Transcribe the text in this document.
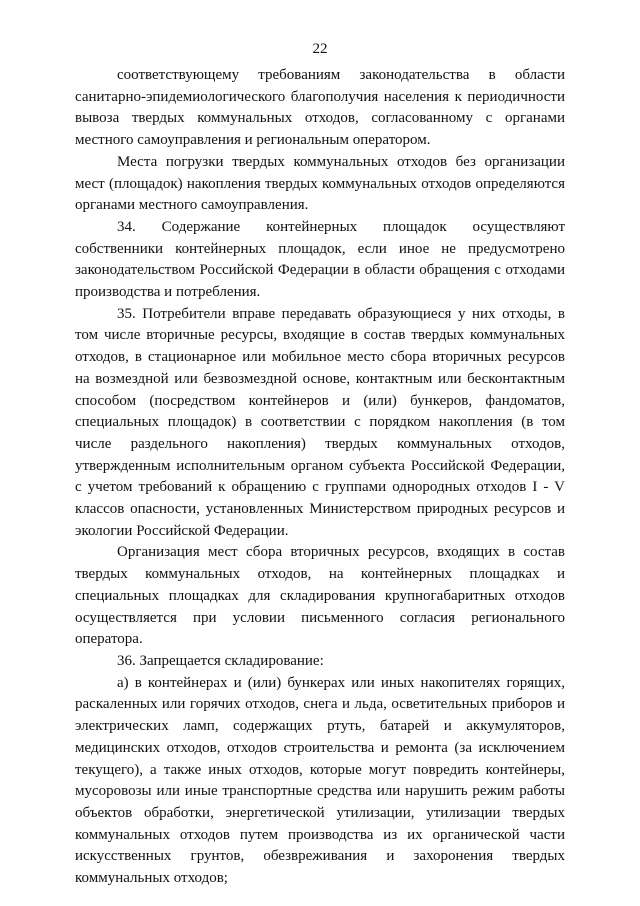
22

соответствующему требованиям законодательства в области санитарно-эпидемиологического благополучия населения к периодичности вывоза твердых коммунальных отходов, согласованному с органами местного самоуправления и региональным оператором.

Места погрузки твердых коммунальных отходов без организации мест (площадок) накопления твердых коммунальных отходов определяются органами местного самоуправления.

34. Содержание контейнерных площадок осуществляют собственники контейнерных площадок, если иное не предусмотрено законодательством Российской Федерации в области обращения с отходами производства и потребления.

35. Потребители вправе передавать образующиеся у них отходы, в том числе вторичные ресурсы, входящие в состав твердых коммунальных отходов, в стационарное или мобильное место сбора вторичных ресурсов на возмездной или безвозмездной основе, контактным или бесконтактным способом (посредством контейнеров и (или) бункеров, фандоматов, специальных площадок) в соответствии с порядком накопления (в том числе раздельного накопления) твердых коммунальных отходов, утвержденным исполнительным органом субъекта Российской Федерации, с учетом требований к обращению с группами однородных отходов I - V классов опасности, установленных Министерством природных ресурсов и экологии Российской Федерации.

Организация мест сбора вторичных ресурсов, входящих в состав твердых коммунальных отходов, на контейнерных площадках и специальных площадках для складирования крупногабаритных отходов осуществляется при условии письменного согласия регионального оператора.

36. Запрещается складирование:

а) в контейнерах и (или) бункерах или иных накопителях горящих, раскаленных или горячих отходов, снега и льда, осветительных приборов и электрических ламп, содержащих ртуть, батарей и аккумуляторов, медицинских отходов, отходов строительства и ремонта (за исключением текущего), а также иных отходов, которые могут повредить контейнеры, мусоровозы или иные транспортные средства или нарушить режим работы объектов обработки, энергетической утилизации, утилизации твердых коммунальных отходов путем производства из их органической части искусственных грунтов, обезвреживания и захоронения твердых коммунальных отходов;
